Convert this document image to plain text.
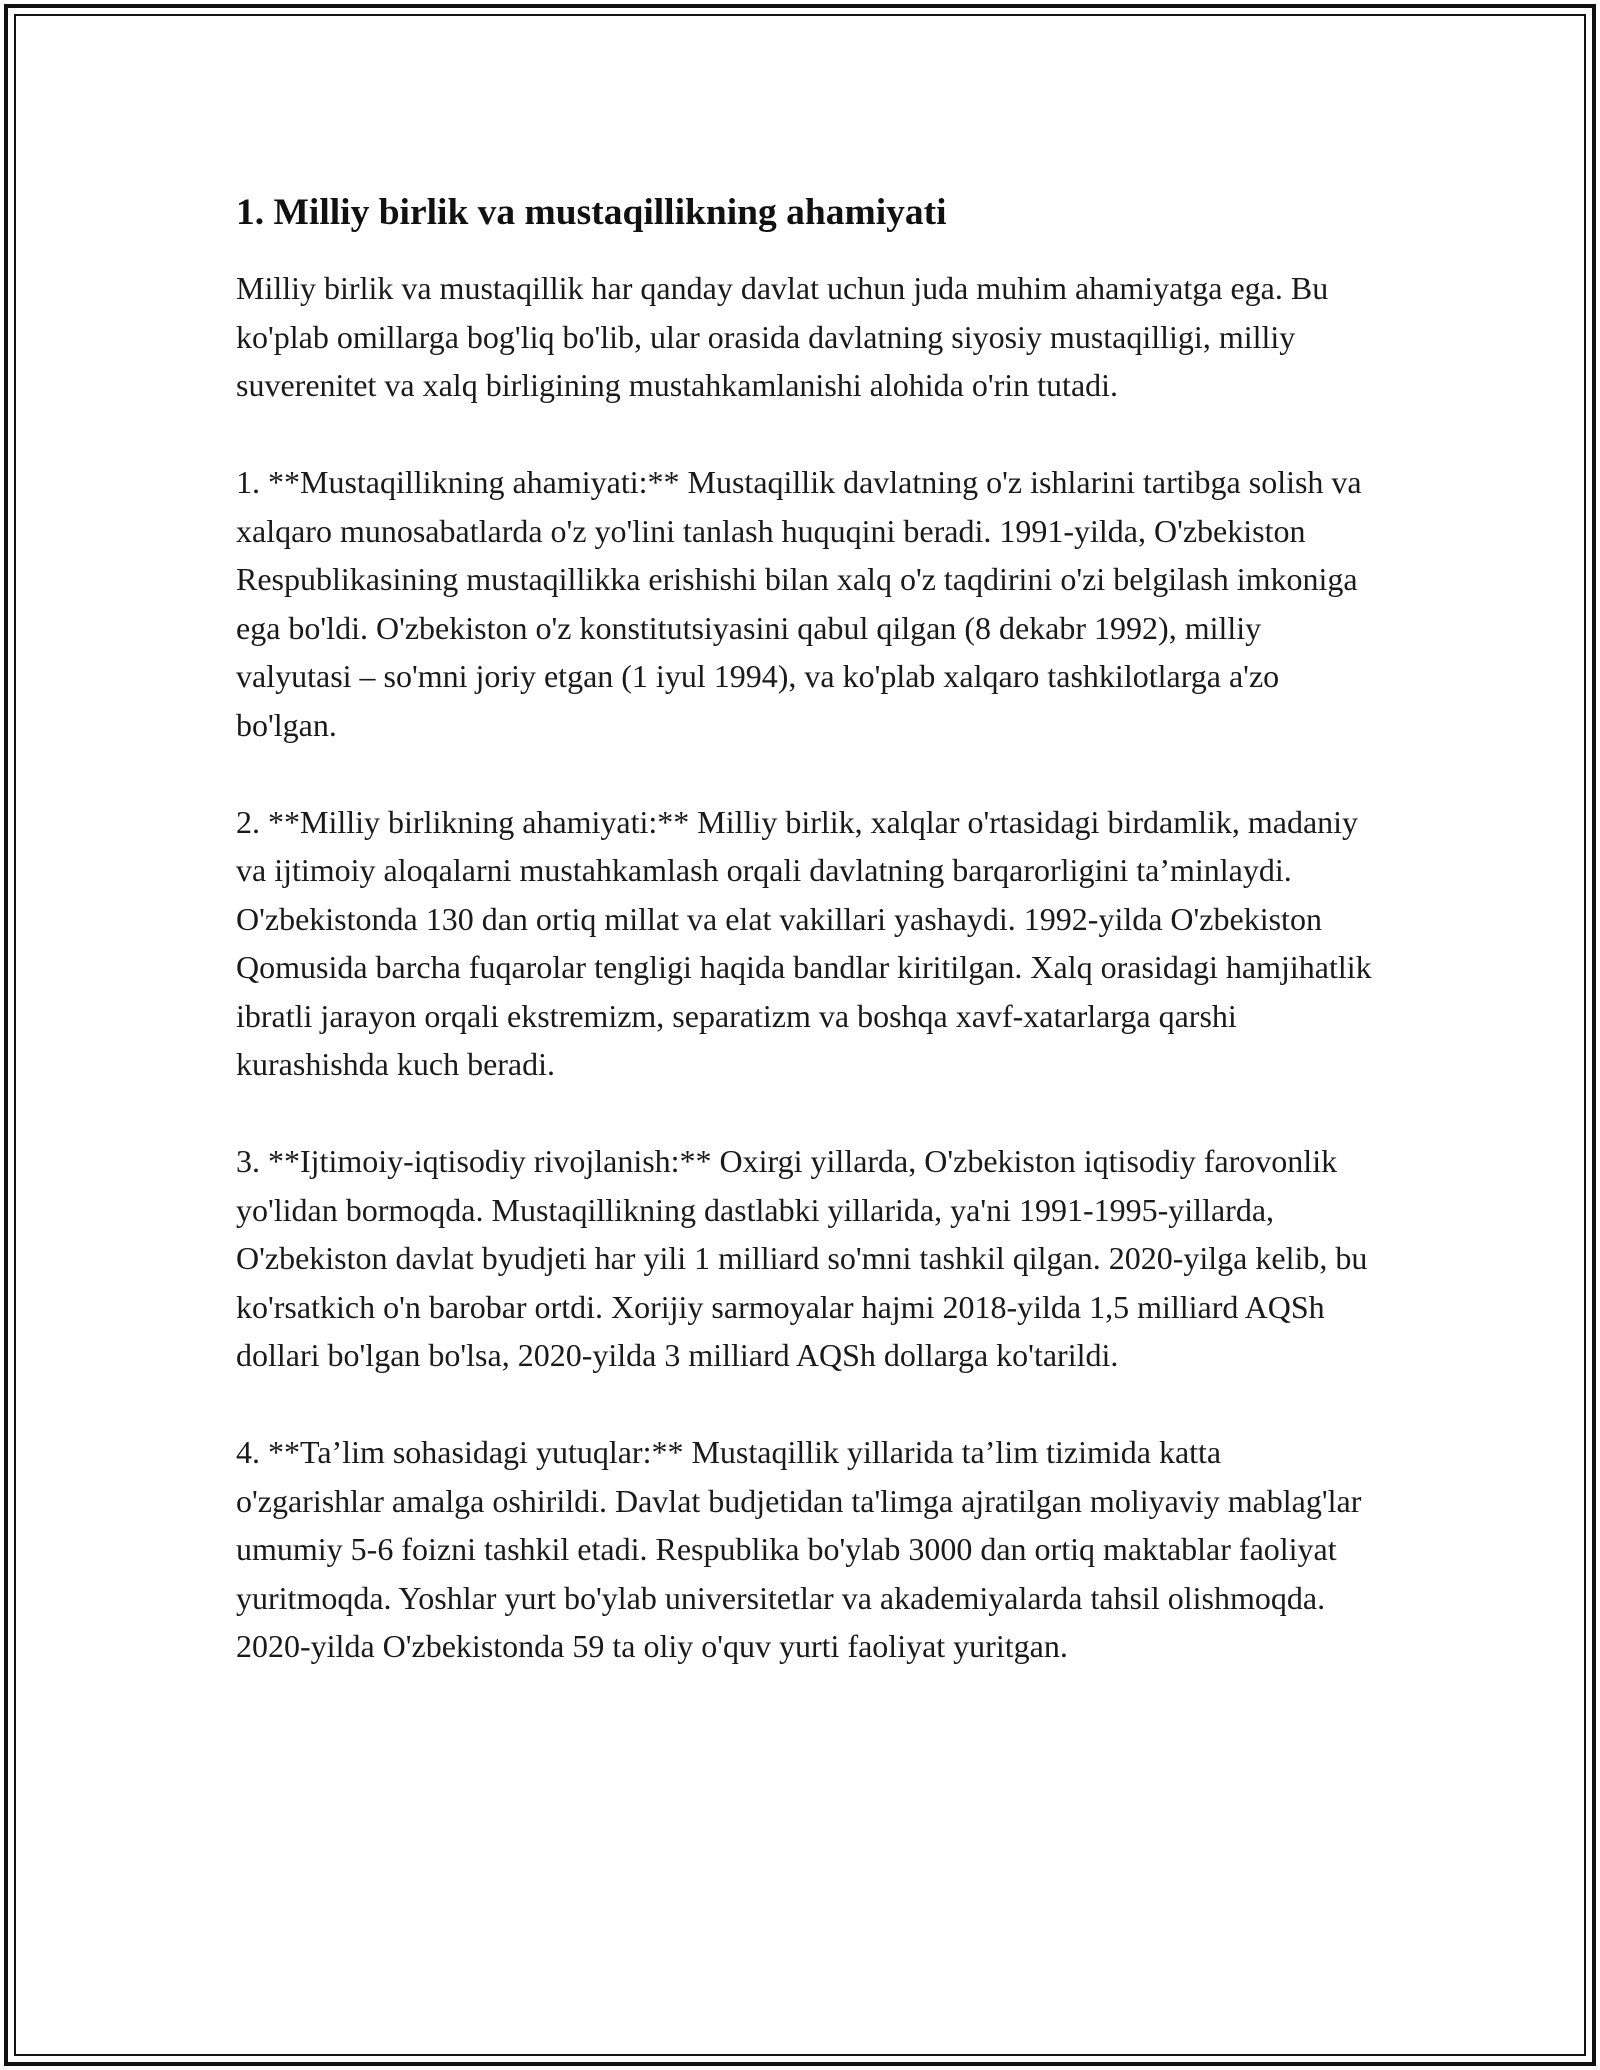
1. Milliy birlik va mustaqillikning ahamiyati

Milliy birlik va mustaqillik har qanday davlat uchun juda muhim ahamiyatga ega. Bu ko'plab omillarga bog'liq bo'lib, ular orasida davlatning siyosiy mustaqilligi, milliy suverenitet va xalq birligining mustahkamlanishi alohida o'rin tutadi.

1. **Mustaqillikning ahamiyati:** Mustaqillik davlatning o'z ishlarini tartibga solish va xalqaro munosabatlarda o'z yo'lini tanlash huquqini beradi. 1991-yilda, O'zbekiston Respublikasining mustaqillikka erishishi bilan xalq o'z taqdirini o'zi belgilash imkoniga ega bo'ldi. O'zbekiston o'z konstitutsiyasini qabul qilgan (8 dekabr 1992), milliy valyutasi – so'mni joriy etgan (1 iyul 1994), va ko'plab xalqaro tashkilotlarga a'zo bo'lgan.

2. **Milliy birlikning ahamiyati:** Milliy birlik, xalqlar o'rtasidagi birdamlik, madaniy va ijtimoiy aloqalarni mustahkamlash orqali davlatning barqarorligini ta’minlaydi. O'zbekistonda 130 dan ortiq millat va elat vakillari yashaydi. 1992-yilda O'zbekiston Qomusida barcha fuqarolar tengligi haqida bandlar kiritilgan. Xalq orasidagi hamjihatlik ibratli jarayon orqali ekstremizm, separatizm va boshqa xavf-xatarlarga qarshi kurashishda kuch beradi.

3. **Ijtimoiy-iqtisodiy rivojlanish:** Oxirgi yillarda, O'zbekiston iqtisodiy farovonlik yo'lidan bormoqda. Mustaqillikning dastlabki yillarida, ya'ni 1991-1995-yillarda, O'zbekiston davlat byudjeti har yili 1 milliard so'mni tashkil qilgan. 2020-yilga kelib, bu ko'rsatkich o'n barobar ortdi. Xorijiy sarmoyalar hajmi 2018-yilda 1,5 milliard AQSh dollari bo'lgan bo'lsa, 2020-yilda 3 milliard AQSh dollarga ko'tarildi.

4. **Ta’lim sohasidagi yutuqlar:** Mustaqillik yillarida ta’lim tizimida katta o'zgarishlar amalga oshirildi. Davlat budjetidan ta'limga ajratilgan moliyaviy mablag'lar umumiy 5-6 foizni tashkil etadi. Respublika bo'ylab 3000 dan ortiq maktablar faoliyat yuritmoqda. Yoshlar yurt bo'ylab universitetlar va akademiyalarda tahsil olishmoqda. 2020-yilda O'zbekistonda 59 ta oliy o'quv yurti faoliyat yuritgan.
